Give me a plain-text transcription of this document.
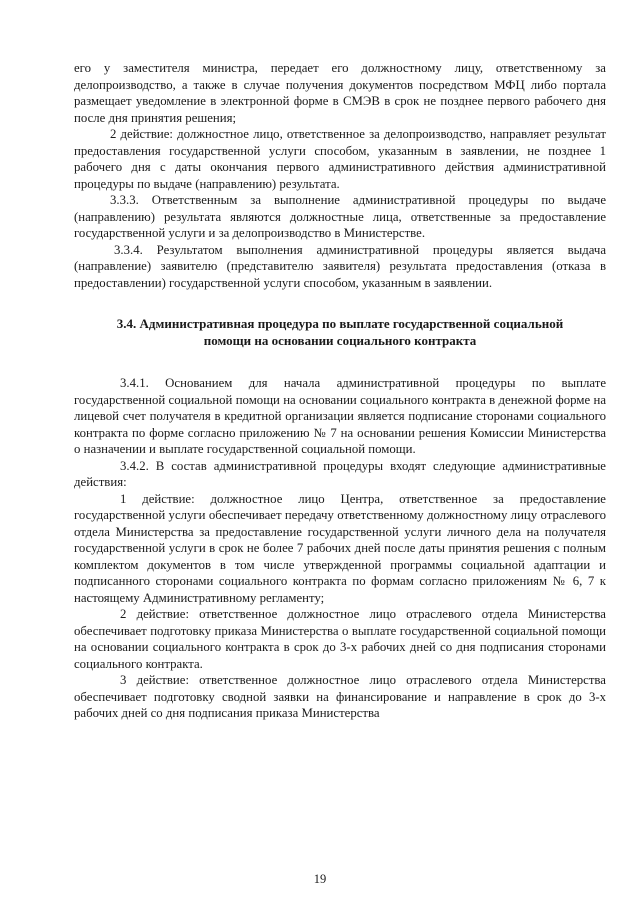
его у заместителя министра, передает его должностному лицу, ответственному за делопроизводство, а также в случае получения документов посредством МФЦ либо портала размещает уведомление в электронной форме в СМЭВ в срок не позднее первого рабочего дня после дня принятия решения;

2 действие: должностное лицо, ответственное за делопроизводство, направляет результат предоставления государственной услуги способом, указанным в заявлении, не позднее 1 рабочего дня с даты окончания первого административного действия административной процедуры по выдаче (направлению) результата.

3.3.3. Ответственным за выполнение административной процедуры по выдаче (направлению) результата являются должностные лица, ответственные за предоставление государственной услуги и за делопроизводство в Министерстве.

3.3.4. Результатом выполнения административной процедуры является выдача (направление) заявителю (представителю заявителя) результата предоставления (отказа в предоставлении) государственной услуги способом, указанным в заявлении.

3.4. Административная процедура по выплате государственной социальной помощи на основании социального контракта

3.4.1. Основанием для начала административной процедуры по выплате государственной социальной помощи на основании социального контракта в денежной форме на лицевой счет получателя в кредитной организации является подписание сторонами социального контракта по форме согласно приложению № 7 на основании решения Комиссии Министерства о назначении и выплате государственной социальной помощи.

3.4.2. В состав административной процедуры входят следующие административные действия:

1 действие: должностное лицо Центра, ответственное за предоставление государственной услуги обеспечивает передачу ответственному должностному лицу отраслевого отдела Министерства за предоставление государственной услуги личного дела на получателя государственной услуги в срок не более 7 рабочих дней после даты принятия решения с полным комплектом документов в том числе утвержденной программы социальной адаптации и подписанного сторонами социального контракта по формам согласно приложениям № 6, 7 к настоящему Административному регламенту;

2 действие: ответственное должностное лицо отраслевого отдела Министерства обеспечивает подготовку приказа Министерства о выплате государственной социальной помощи на основании социального контракта в срок до 3-х рабочих дней со дня подписания сторонами социального контракта.

3 действие: ответственное должностное лицо отраслевого отдела Министерства обеспечивает подготовку сводной заявки на финансирование и направление в срок до 3-х рабочих дней со дня подписания приказа Министерства

19
